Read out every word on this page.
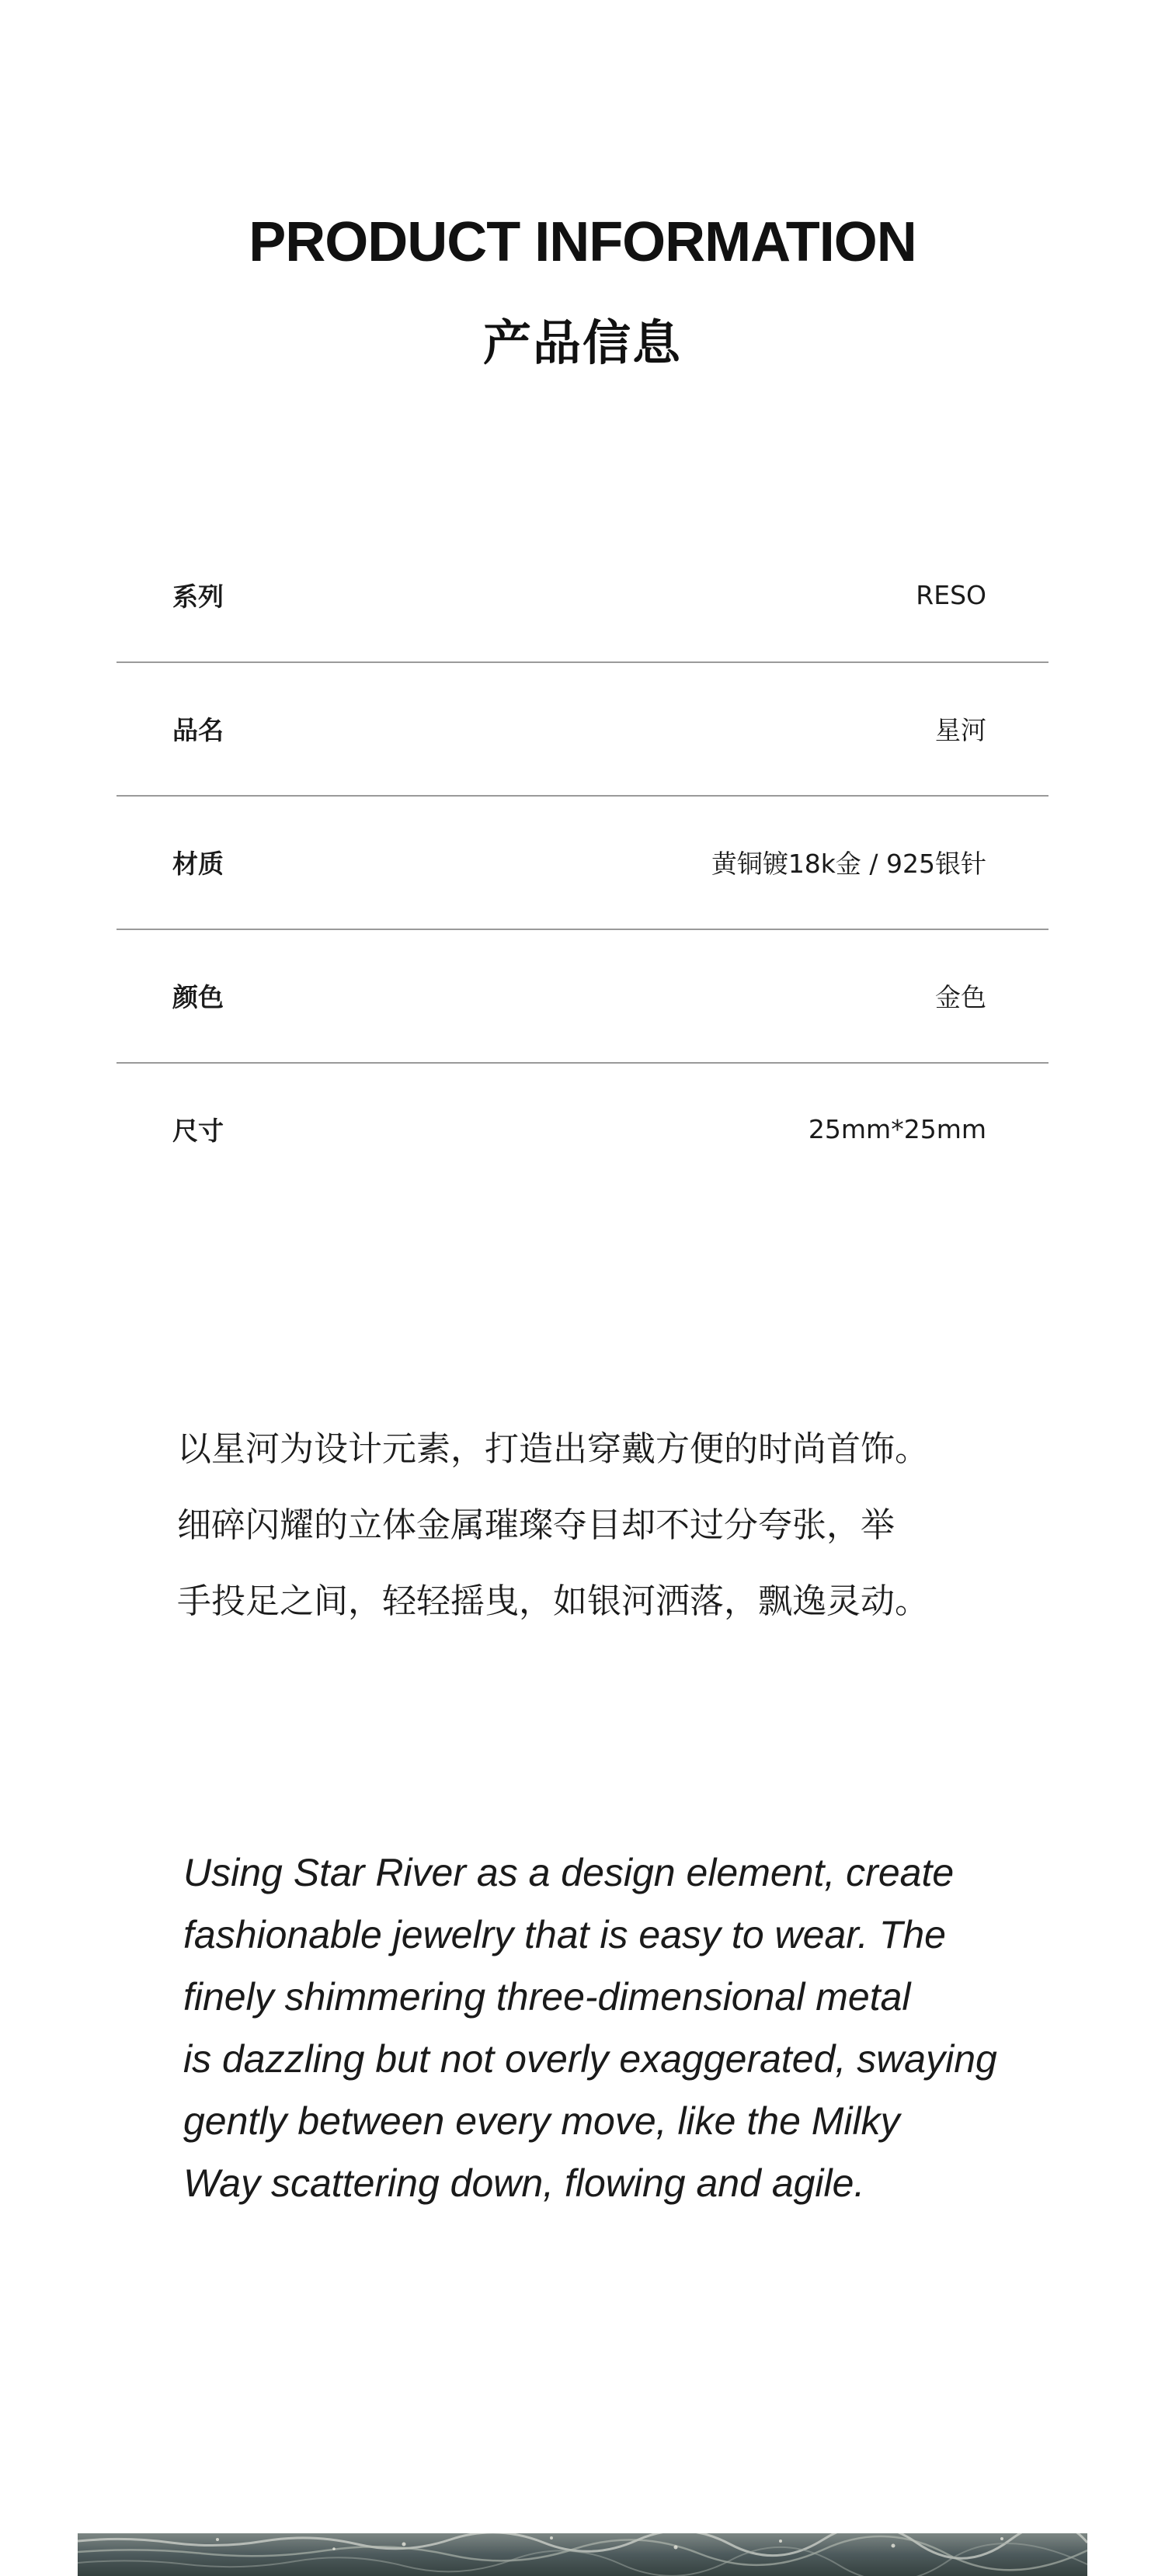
PRODUCT INFORMATION
产品信息
系列	RESO
品名	星河
材质	黄铜镀18k金 / 925银针
颜色	金色
尺寸	25mm*25mm
以星河为设计元素，打造出穿戴方便的时尚首饰。
细碎闪耀的立体金属璀璨夺目却不过分夸张，举
手投足之间，轻轻摇曳，如银河洒落，飘逸灵动。
Using Star River as a design element, create
fashionable jewelry that is easy to wear. The
finely shimmering three-dimensional metal
is dazzling but not overly exaggerated, swaying
gently between every move, like the Milky
Way scattering down, flowing and agile.
